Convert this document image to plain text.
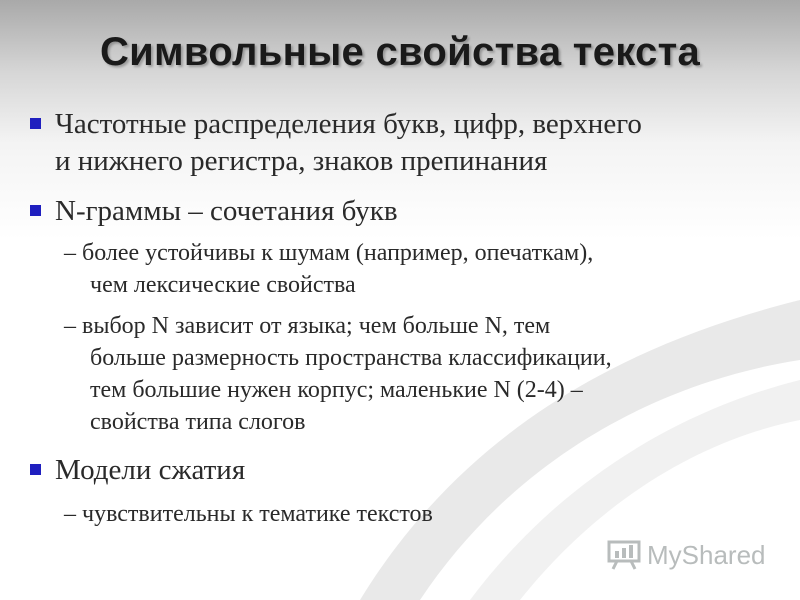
Символьные свойства текста
Частотные распределения букв, цифр, верхнего
и нижнего регистра, знаков препинания
N-граммы – сочетания букв
– более устойчивы к шумам (например, опечаткам),
чем лексические свойства
– выбор N зависит от языка; чем больше N, тем
больше размерность пространства классификации,
тем большие нужен корпус; маленькие N (2-4) –
свойства типа слогов
Модели сжатия
– чувствительны к тематике текстов
MyShared
